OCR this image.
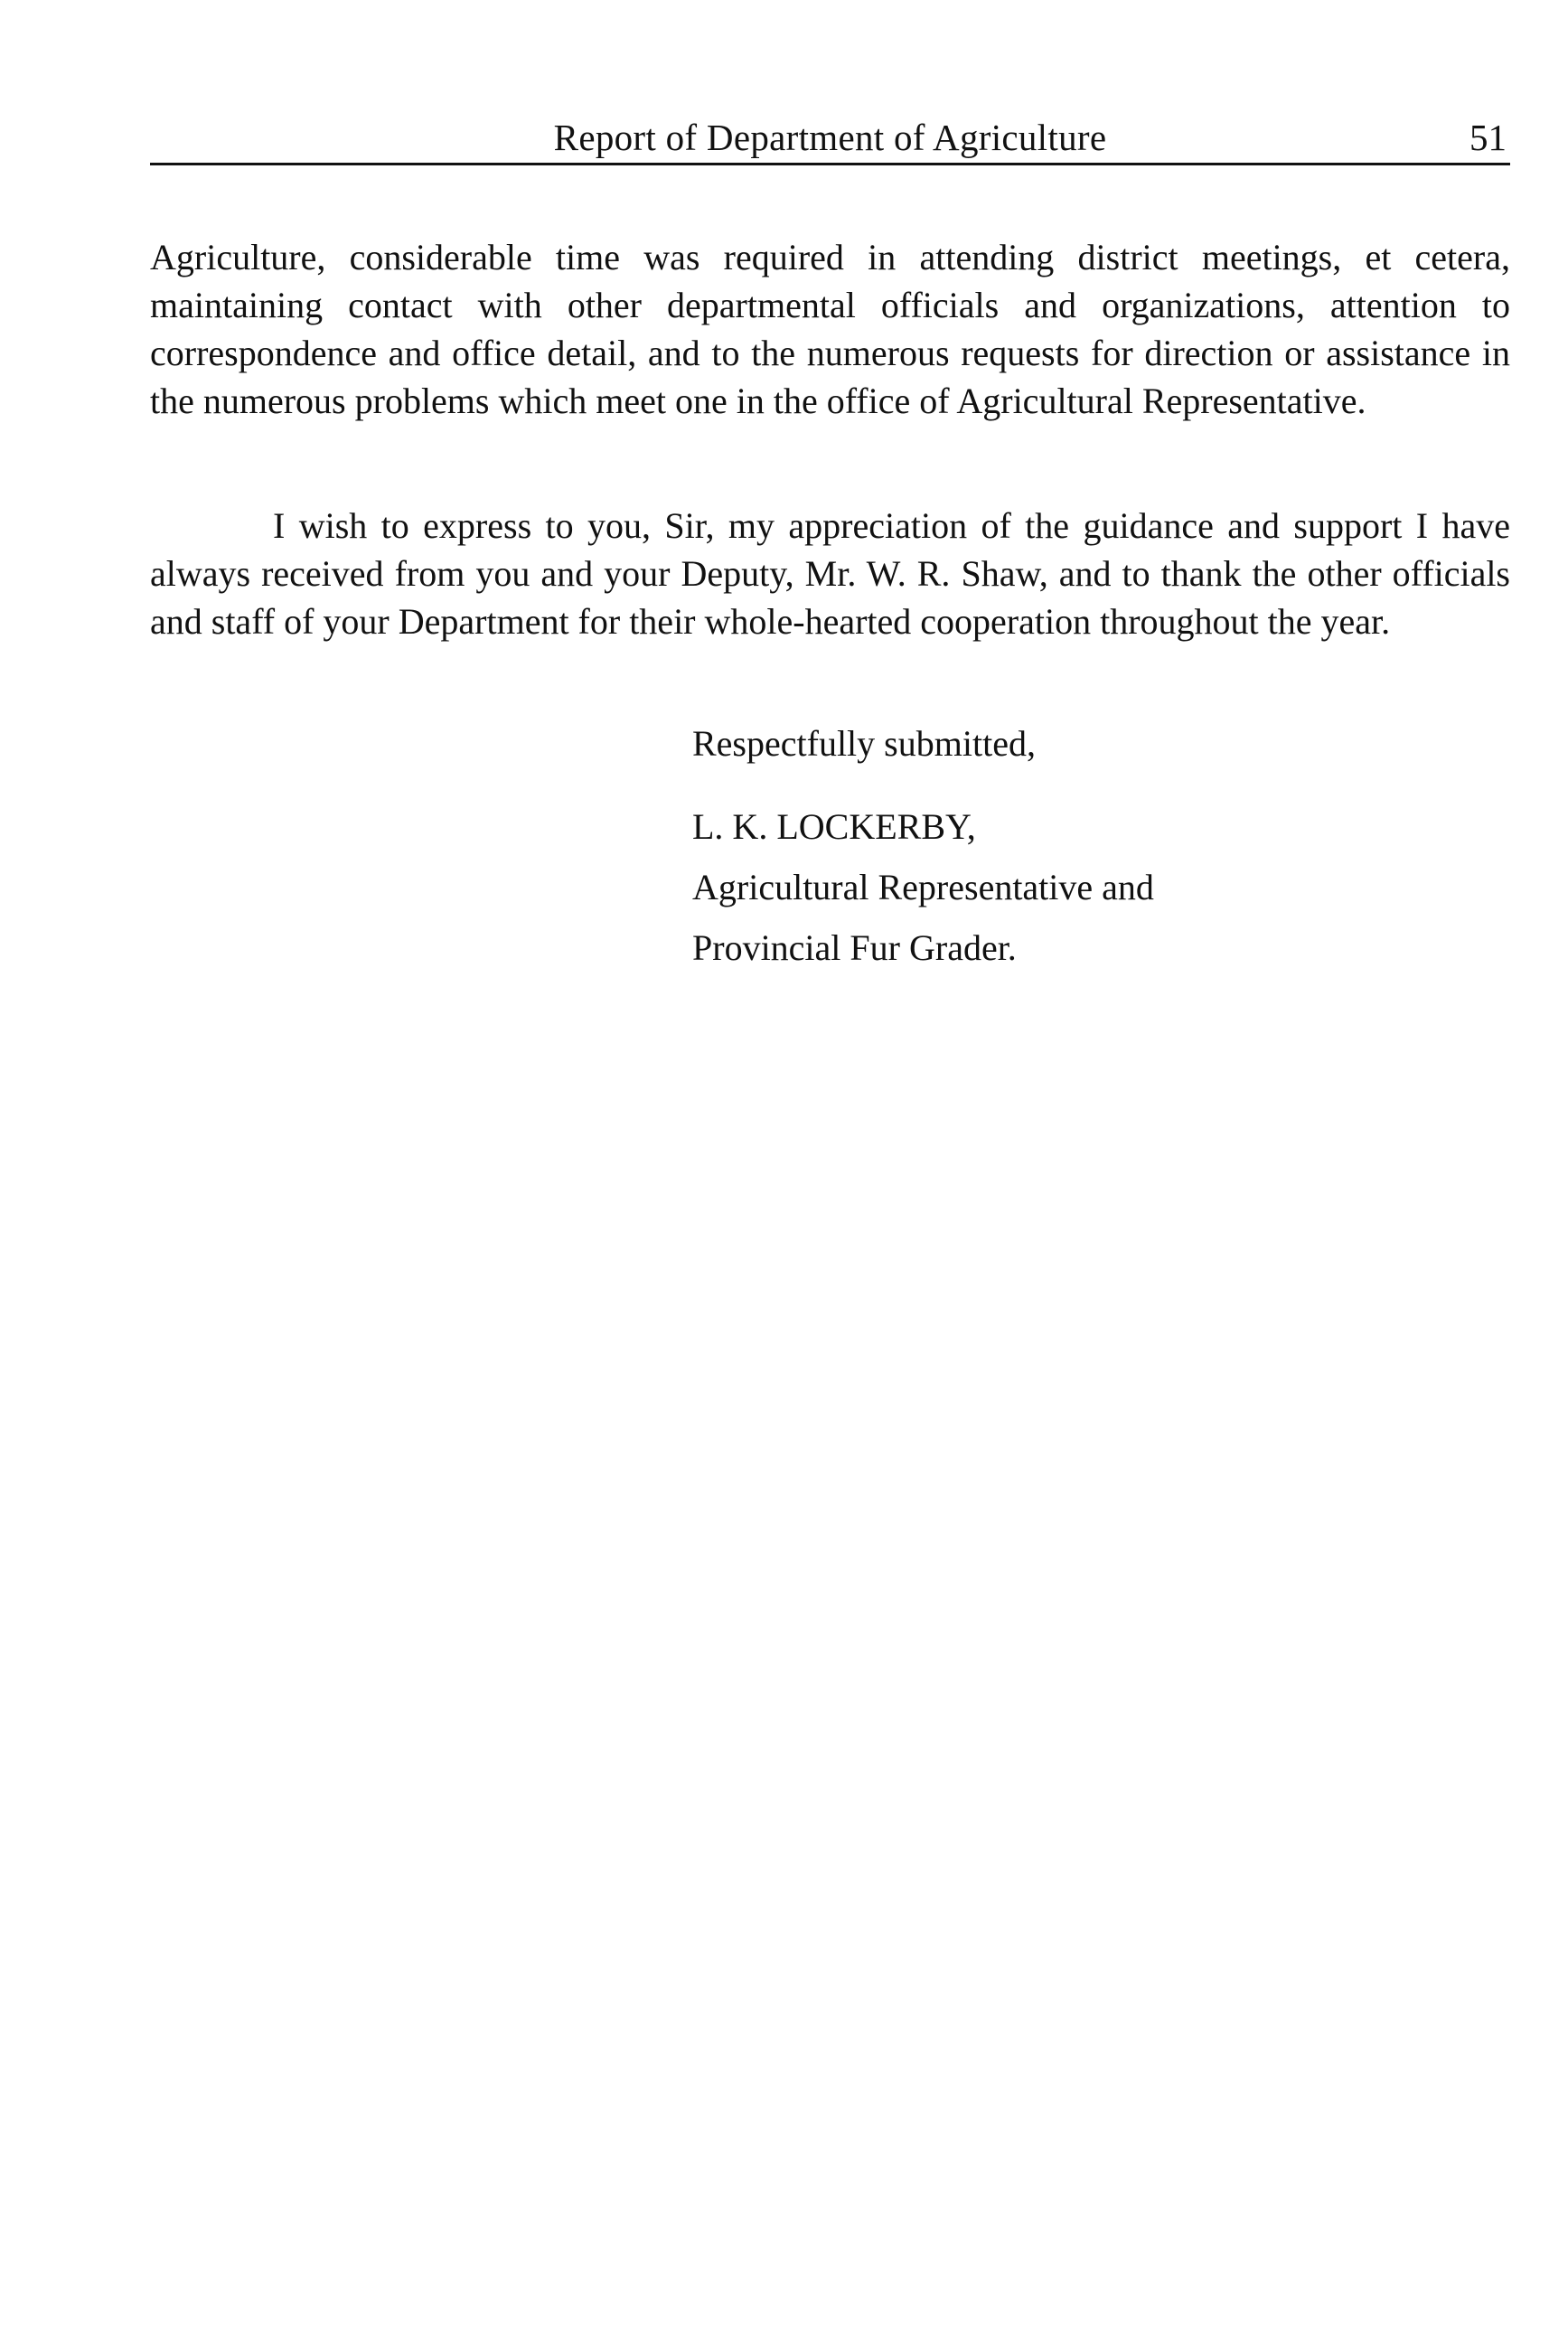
Report of Department of Agriculture	51

Agriculture, considerable time was required in attending district meetings, et cetera, maintaining contact with other departmental officials and organizations, attention to correspondence and office detail, and to the numerous requests for direction or assistance in the numerous problems which meet one in the office of Agricultural Representative.

I wish to express to you, Sir, my appreciation of the guidance and support I have always received from you and your Deputy, Mr. W. R. Shaw, and to thank the other officials and staff of your Department for their whole-hearted cooperation throughout the year.

Respectfully submitted,

L. K. LOCKERBY,

Agricultural Representative and

Provincial Fur Grader.
